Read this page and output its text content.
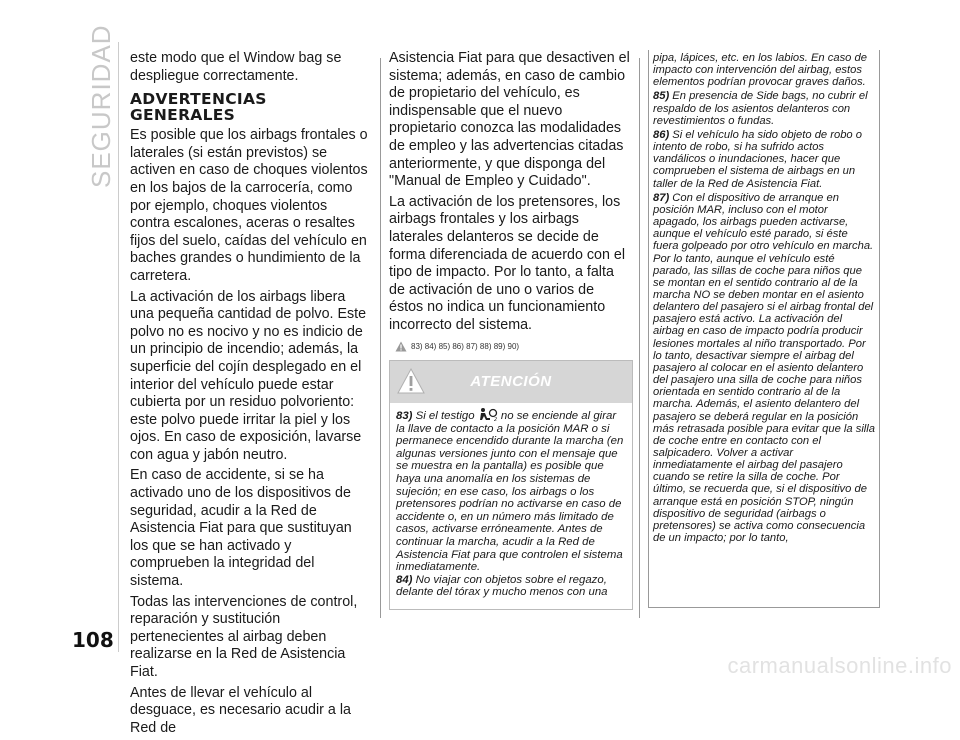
SEGURIDAD
108

este modo que el Window bag se despliegue correctamente.

ADVERTENCIAS GENERALES

Es posible que los airbags frontales o laterales (si están previstos) se activen en caso de choques violentos en los bajos de la carrocería, como por ejemplo, choques violentos contra escalones, aceras o resaltes fijos del suelo, caídas del vehículo en baches grandes o hundimiento de la carretera.

La activación de los airbags libera una pequeña cantidad de polvo. Este polvo no es nocivo y no es indicio de un principio de incendio; además, la superficie del cojín desplegado en el interior del vehículo puede estar cubierta por un residuo polvoriento: este polvo puede irritar la piel y los ojos. En caso de exposición, lavarse con agua y jabón neutro.

En caso de accidente, si se ha activado uno de los dispositivos de seguridad, acudir a la Red de Asistencia Fiat para que sustituyan los que se han activado y comprueben la integridad del sistema.

Todas las intervenciones de control, reparación y sustitución pertenecientes al airbag deben realizarse en la Red de Asistencia Fiat.

Antes de llevar el vehículo al desguace, es necesario acudir a la Red de

Asistencia Fiat para que desactiven el sistema; además, en caso de cambio de propietario del vehículo, es indispensable que el nuevo propietario conozca las modalidades de empleo y las advertencias citadas anteriormente, y que disponga del "Manual de Empleo y Cuidado".

La activación de los pretensores, los airbags frontales y los airbags laterales delanteros se decide de forma diferenciada de acuerdo con el tipo de impacto. Por lo tanto, a falta de activación de uno o varios de éstos no indica un funcionamiento incorrecto del sistema.

83) 84) 85) 86) 87) 88) 89) 90)
ATENCIÓN

83) Si el testigo	2 no se enciende al girar la llave de contacto a la posición MAR o si permanece encendido durante la marcha (en algunas versiones junto con el mensaje que se muestra en la pantalla) es posible que haya una anomalía en los sistemas de sujeción; en ese caso, los airbags o los pretensores podrían no activarse en caso de accidente o, en un número más limitado de casos, activarse erróneamente. Antes de continuar la marcha, acudir a la Red de Asistencia Fiat para que controlen el sistema inmediatamente.

84) No viajar con objetos sobre el regazo, delante del tórax y mucho menos con una

pipa, lápices, etc. en los labios. En caso de impacto con intervención del airbag, estos elementos podrían provocar graves daños.

85) En presencia de Side bags, no cubrir el respaldo de los asientos delanteros con revestimientos o fundas.

86) Si el vehículo ha sido objeto de robo o intento de robo, si ha sufrido actos vandálicos o inundaciones, hacer que comprueben el sistema de airbags en un taller de la Red de Asistencia Fiat.

87) Con el dispositivo de arranque en posición MAR, incluso con el motor apagado, los airbags pueden activarse, aunque el vehículo esté parado, si éste fuera golpeado por otro vehículo en marcha. Por lo tanto, aunque el vehículo esté parado, las sillas de coche para niños que se montan en el sentido contrario al de la marcha NO se deben montar en el asiento delantero del pasajero si el airbag frontal del pasajero está activo. La activación del airbag en caso de impacto podría producir lesiones mortales al niño transportado. Por lo tanto, desactivar siempre el airbag del pasajero al colocar en el asiento delantero del pasajero una silla de coche para niños orientada en sentido contrario al de la marcha. Además, el asiento delantero del pasajero se deberá regular en la posición más retrasada posible para evitar que la silla de coche entre en contacto con el salpicadero. Volver a activar inmediatamente el airbag del pasajero cuando se retire la silla de coche. Por último, se recuerda que, si el dispositivo de arranque está en posición STOP, ningún dispositivo de seguridad (airbags o pretensores) se activa como consecuencia de un impacto; por lo tanto,

carmanualsonline.info
